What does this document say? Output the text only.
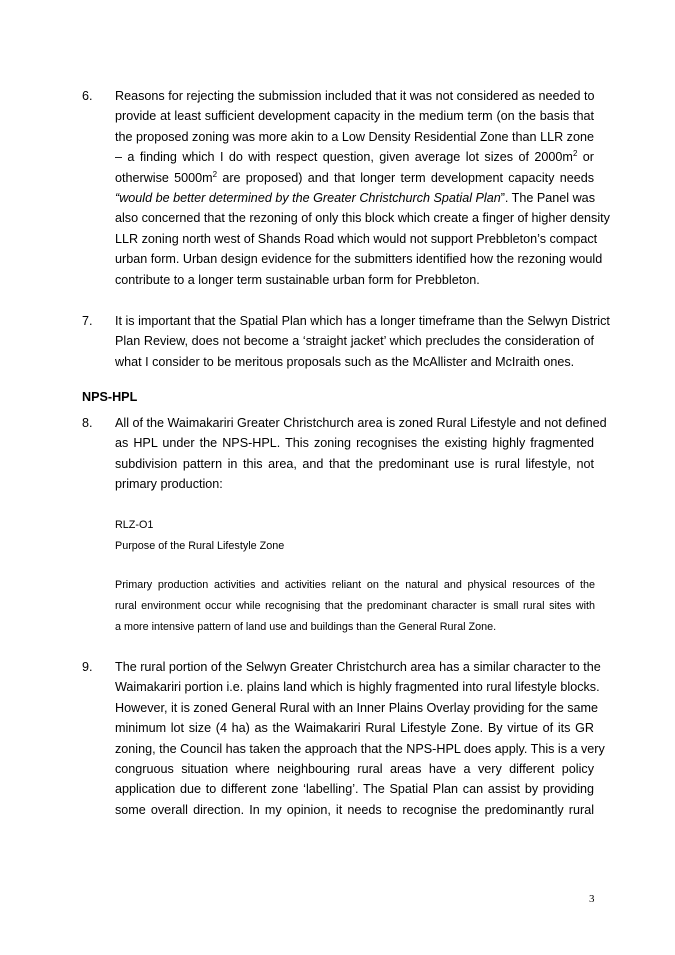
6. Reasons for rejecting the submission included that it was not considered as needed to
provide at least sufficient development capacity in the medium term (on the basis that
the proposed zoning was more akin to a Low Density Residential Zone than LLR zone
– a finding which I do with respect question, given average lot sizes of $2000m^2$ or
otherwise $5000m^2$ are proposed) and that longer term development capacity needs
“would be better determined by the Greater Christchurch Spatial Plan”. The Panel was
also concerned that the rezoning of only this block which create a finger of higher density
LLR zoning north west of Shands Road which would not support Prebbleton’s compact
urban form. Urban design evidence for the submitters identified how the rezoning would
contribute to a longer term sustainable urban form for Prebbleton.
7. It is important that the Spatial Plan which has a longer timeframe than the Selwyn District
Plan Review, does not become a ‘straight jacket’ which precludes the consideration of
what I consider to be meritous proposals such as the McAllister and McIraith ones.
NPS-HPL
8. All of the Waimakariri Greater Christchurch area is zoned Rural Lifestyle and not defined
as HPL under the NPS-HPL. This zoning recognises the existing highly fragmented
subdivision pattern in this area, and that the predominant use is rural lifestyle, not
primary production:
RLZ-O1
Purpose of the Rural Lifestyle Zone
Primary production activities and activities reliant on the natural and physical resources of the
rural environment occur while recognising that the predominant character is small rural sites with
a more intensive pattern of land use and buildings than the General Rural Zone.
9. The rural portion of the Selwyn Greater Christchurch area has a similar character to the
Waimakariri portion i.e. plains land which is highly fragmented into rural lifestyle blocks.
However, it is zoned General Rural with an Inner Plains Overlay providing for the same
minimum lot size (4 ha) as the Waimakariri Rural Lifestyle Zone. By virtue of its GR
zoning, the Council has taken the approach that the NPS-HPL does apply. This is a very
congruous situation where neighbouring rural areas have a very different policy
application due to different zone ‘labelling’. The Spatial Plan can assist by providing
some overall direction. In my opinion, it needs to recognise the predominantly rural
3
